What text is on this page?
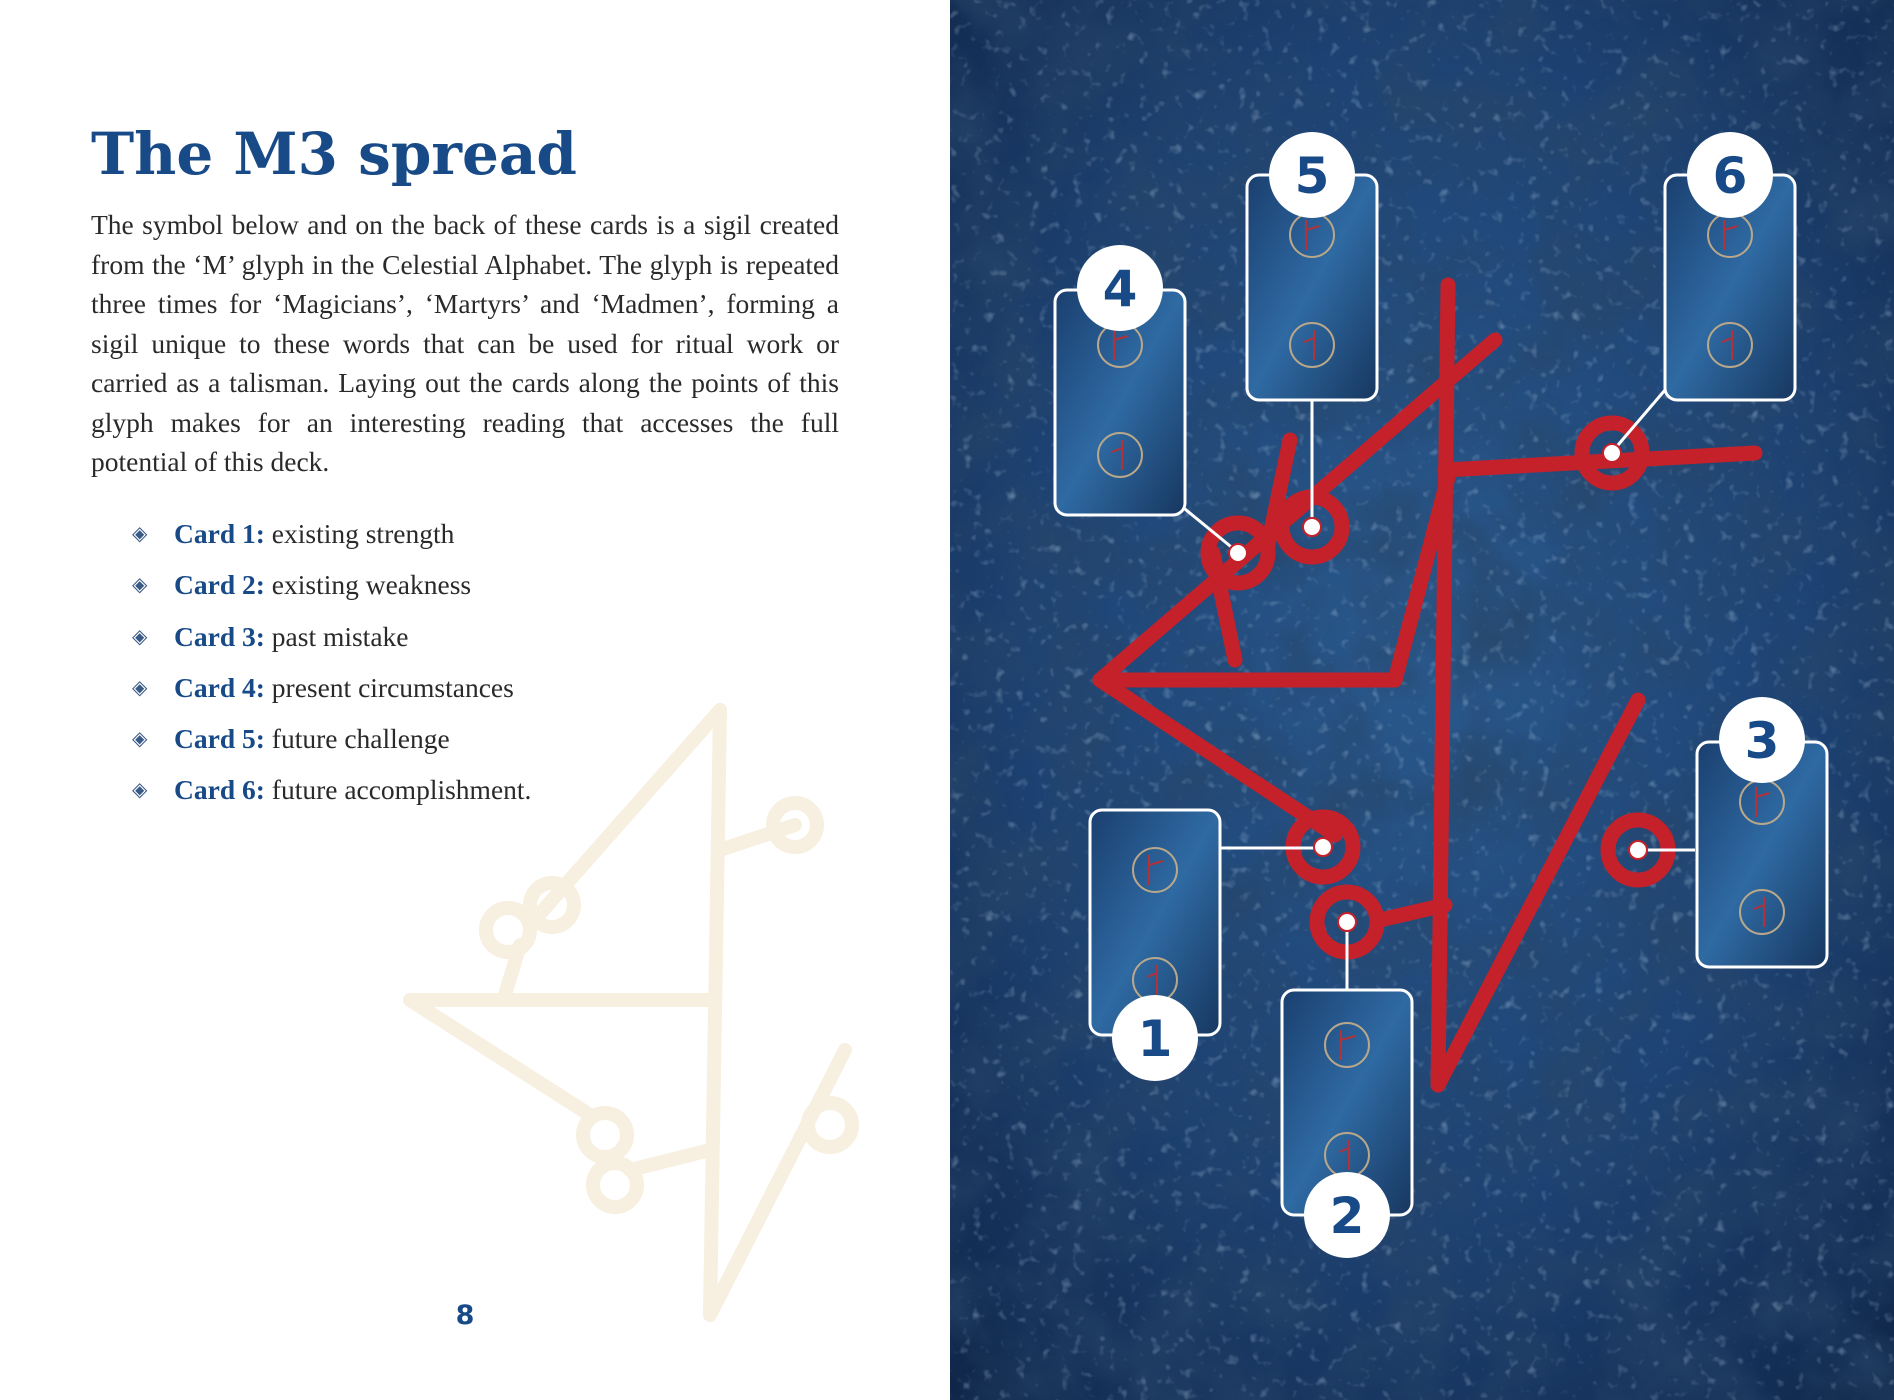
The M3 spread

The symbol below and on the back of these cards is a sigil created from the ‘M’ glyph in the Celestial Alphabet. The glyph is repeated three times for ‘Magicians’, ‘Martyrs’ and ‘Madmen’, forming a sigil unique to these words that can be used for ritual work or carried as a talisman. Laying out the cards along the points of this glyph makes for an interesting reading that accesses the full potential of this deck.

◈ Card 1: existing strength
◈ Card 2: existing weakness
◈ Card 3: past mistake
◈ Card 4: present circumstances
◈ Card 5: future challenge
◈ Card 6: future accomplishment.
8
4
5	6
1
2
3
